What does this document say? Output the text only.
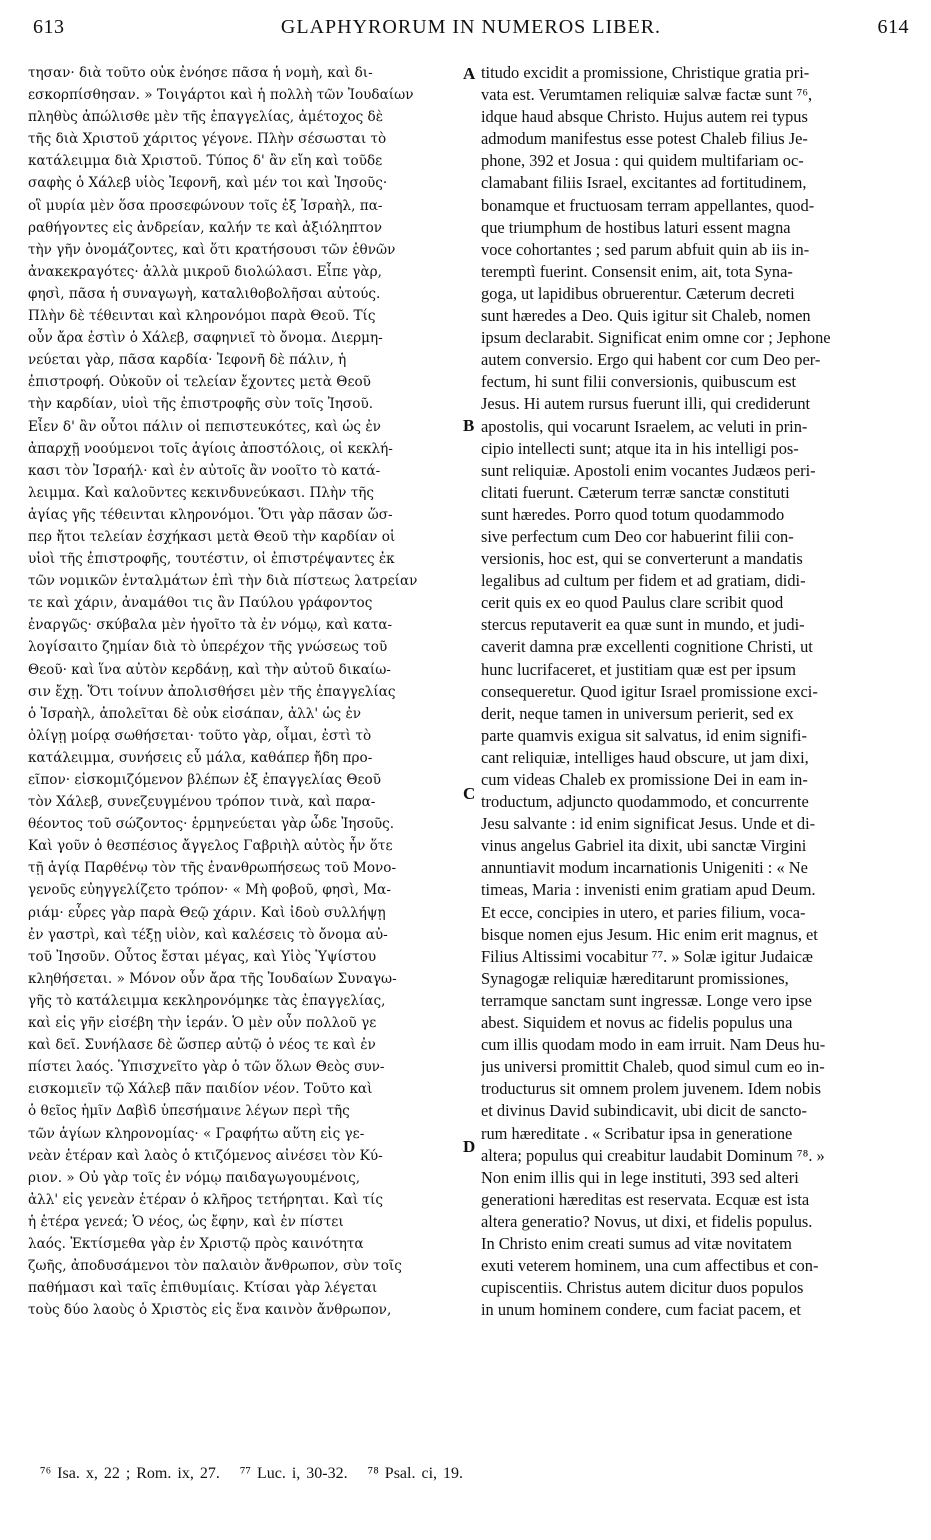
613	GLAPHYRORUM IN NUMEROS LIBER.	614
τησαν· διὰ τοῦτο οὐκ ἐνόησε πᾶσα ἡ νομὴ, καὶ δι-
εσκορπίσθησαν. » Τοιγάρτοι καὶ ἡ πολλὴ τῶν Ἰουδαίων
πληθὺς ἀπώλισθε μὲν τῆς ἐπαγγελίας, ἀμέτοχος δὲ
τῆς διὰ Χριστοῦ χάριτος γέγονε. Πλὴν σέσωσται τὸ
κατάλειμμα διὰ Χριστοῦ. Τύπος δ' ἂν εἴη καὶ τοῦδε
σαφὴς ὁ Χάλεβ υἱὸς Ἰεφονῆ, καὶ μέν τοι καὶ Ἰησοῦς·
οἳ μυρία μὲν ὅσα προσεφώνουν τοῖς ἐξ Ἰσραὴλ, πα-
ραθήγοντες εἰς ἀνδρείαν, καλήν τε καὶ ἀξιόληπτον
τὴν γῆν ὀνομάζοντες, καὶ ὅτι κρατήσουσι τῶν ἐθνῶν
ἀνακεκραγότες· ἀλλὰ μικροῦ διολώλασι. Εἶπε γὰρ,
φησὶ, πᾶσα ἡ συναγωγὴ, καταλιθοβολῆσαι αὐτούς.
Πλὴν δὲ τέθεινται καὶ κληρονόμοι παρὰ Θεοῦ. Τίς
οὖν ἄρα ἐστὶν ὁ Χάλεβ, σαφηνιεῖ τὸ ὄνομα. Διερμη-
νεύεται γὰρ, πᾶσα καρδία· Ἰεφονῆ δὲ πάλιν, ἡ
ἐπιστροφή. Οὐκοῦν οἱ τελείαν ἔχοντες μετὰ Θεοῦ
τὴν καρδίαν, υἱοὶ τῆς ἐπιστροφῆς σὺν τοῖς Ἰησοῦ.
Εἶεν δ' ἂν οὗτοι πάλιν οἱ πεπιστευκότες, καὶ ὡς ἐν
ἀπαρχῇ νοούμενοι τοῖς ἁγίοις ἀποστόλοις, οἱ κεκλή-
κασι τὸν Ἰσραήλ· καὶ ἐν αὐτοῖς ἂν νοοῖτο τὸ κατά-
λειμμα. Καὶ καλοῦντες κεκινδυνεύκασι. Πλὴν τῆς
ἁγίας γῆς τέθεινται κληρονόμοι. Ὅτι γὰρ πᾶσαν ὥσ-
περ ἤτοι τελείαν ἐσχήκασι μετὰ Θεοῦ τὴν καρδίαν οἱ
υἱοὶ τῆς ἐπιστροφῆς, τουτέστιν, οἱ ἐπιστρέψαντες ἐκ
τῶν νομικῶν ἐνταλμάτων ἐπὶ τὴν διὰ πίστεως λατρείαν
τε καὶ χάριν, ἀναμάθοι τις ἂν Παύλου γράφοντος
ἐναργῶς· σκύβαλα μὲν ἡγοῖτο τὰ ἐν νόμῳ, καὶ κατα-
λογίσαιτο ζημίαν διὰ τὸ ὑπερέχον τῆς γνώσεως τοῦ
Θεοῦ· καὶ ἵνα αὐτὸν κερδάνῃ, καὶ τὴν αὐτοῦ δικαίω-
σιν ἔχῃ. Ὅτι τοίνυν ἀπολισθήσει μὲν τῆς ἐπαγγελίας
ὁ Ἰσραὴλ, ἀπολεῖται δὲ οὐκ εἰσάπαν, ἀλλ' ὡς ἐν
ὀλίγῃ μοίρᾳ σωθήσεται· τοῦτο γὰρ, οἶμαι, ἐστὶ τὸ
κατάλειμμα, συνήσεις εὖ μάλα, καθάπερ ἤδη προ-
εῖπον· εἰσκομιζόμενον βλέπων ἐξ ἐπαγγελίας Θεοῦ
τὸν Χάλεβ, συνεζευγμένου τρόπον τινὰ, καὶ παρα-
θέοντος τοῦ σώζοντος· ἑρμηνεύεται γὰρ ὧδε Ἰησοῦς.
Καὶ γοῦν ὁ θεσπέσιος ἄγγελος Γαβριὴλ αὐτὸς ἦν ὅτε
τῇ ἁγίᾳ Παρθένῳ τὸν τῆς ἐνανθρωπήσεως τοῦ Μονο-
γενοῦς εὐηγγελίζετο τρόπον· « Μὴ φοβοῦ, φησὶ, Μα-
ριάμ· εὗρες γὰρ παρὰ Θεῷ χάριν. Καὶ ἰδοὺ συλλήψῃ
ἐν γαστρὶ, καὶ τέξῃ υἱὸν, καὶ καλέσεις τὸ ὄνομα αὐ-
τοῦ Ἰησοῦν. Οὗτος ἔσται μέγας, καὶ Υἱὸς Ὑψίστου
κληθήσεται. » Μόνον οὖν ἄρα τῆς Ἰουδαίων Συναγω-
γῆς τὸ κατάλειμμα κεκληρονόμηκε τὰς ἐπαγγελίας,
καὶ εἰς γῆν εἰσέβη τὴν ἱεράν. Ὁ μὲν οὖν πολλοῦ γε
καὶ δεῖ. Συνήλασε δὲ ὥσπερ αὐτῷ ὁ νέος τε καὶ ἐν
πίστει λαός. Ὑπισχνεῖτο γὰρ ὁ τῶν ὅλων Θεὸς συν-
εισκομιεῖν τῷ Χάλεβ πᾶν παιδίον νέον. Τοῦτο καὶ
ὁ θεῖος ἡμῖν Δαβὶδ ὑπεσήμαινε λέγων περὶ τῆς
τῶν ἁγίων κληρονομίας· « Γραφήτω αὕτη εἰς γε-
νεὰν ἑτέραν καὶ λαὸς ὁ κτιζόμενος αἰνέσει τὸν Κύ-
ριον. » Οὐ γὰρ τοῖς ἐν νόμῳ παιδαγωγουμένοις,
ἀλλ' εἰς γενεὰν ἑτέραν ὁ κλῆρος τετήρηται. Καὶ τίς
ἡ ἑτέρα γενεά; Ὁ νέος, ὡς ἔφην, καὶ ἐν πίστει
λαός. Ἐκτίσμεθα γὰρ ἐν Χριστῷ πρὸς καινότητα
ζωῆς, ἀποδυσάμενοι τὸν παλαιὸν ἄνθρωπον, σὺν τοῖς
παθήμασι καὶ ταῖς ἐπιθυμίαις. Κτίσαι γὰρ λέγεται
τοὺς δύο λαοὺς ὁ Χριστὸς εἰς ἕνα καινὸν ἄνθρωπον,
A
B
C
D
titudo excidit a promissione, Christique gratia pri-
vata est. Verumtamen reliquiæ salvæ factæ sunt ⁷⁶,
idque haud absque Christo. Hujus autem rei typus
admodum manifestus esse potest Chaleb filius Je-
phone, 392 et Josua : qui quidem multifariam oc-
clamabant filiis Israel, excitantes ad fortitudinem,
bonamque et fructuosam terram appellantes, quod-
que triumphum de hostibus laturi essent magna
voce cohortantes ; sed parum abfuit quin ab iis in-
teremptì fuerint. Consensit enim, ait, tota Syna-
goga, ut lapidibus obruerentur. Cæterum decreti
sunt hæredes a Deo. Quis igitur sit Chaleb, nomen
ipsum declarabit. Significat enim omne cor ; Jephone
autem conversio. Ergo qui habent cor cum Deo per-
fectum, hi sunt filii conversionis, quibuscum est
Jesus. Hi autem rursus fuerunt illi, qui crediderunt
apostolis, qui vocarunt Israelem, ac veluti in prin-
cipio intellecti sunt; atque ita in his intelligi pos-
sunt reliquiæ. Apostoli enim vocantes Judæos peri-
clitati fuerunt. Cæterum terræ sanctæ constituti
sunt hæredes. Porro quod totum quodammodo
sive perfectum cum Deo cor habuerint filii con-
versionis, hoc est, qui se converterunt a mandatis
legalibus ad cultum per fidem et ad gratiam, didi-
cerit quis ex eo quod Paulus clare scribit quod
stercus reputaverit ea quæ sunt in mundo, et judi-
caverit damna præ excellenti cognitione Christi, ut
hunc lucrifaceret, et justitiam quæ est per ipsum
consequeretur. Quod igitur Israel promissione exci-
derit, neque tamen in universum perierit, sed ex
parte quamvis exigua sit salvatus, id enim signifi-
cant reliquiæ, intelliges haud obscure, ut jam dixi,
cum videas Chaleb ex promissione Dei in eam in-
troductum, adjuncto quodammodo, et concurrente
Jesu salvante : id enim significat Jesus. Unde et di-
vinus angelus Gabriel ita dixit, ubi sanctæ Virgini
annuntiavit modum incarnationis Unigeniti : « Ne
timeas, Maria : invenisti enim gratiam apud Deum.
Et ecce, concipies in utero, et paries filium, voca-
bisque nomen ejus Jesum. Hic enim erit magnus, et
Filius Altissimi vocabitur ⁷⁷. » Solæ igitur Judaicæ
Synagogæ reliquiæ hæreditarunt promissiones,
terramque sanctam sunt ingressæ. Longe vero ipse
abest. Siquidem et novus ac fidelis populus una
cum illis quodam modo in eam irruit. Nam Deus hu-
jus universi promittit Chaleb, quod simul cum eo in-
troducturus sit omnem prolem juvenem. Idem nobis
et divinus David subindicavit, ubi dicit de sancto-
rum hæreditate . « Scribatur ipsa in generatione
altera; populus qui creabitur laudabit Dominum ⁷⁸. »
Non enim illis qui in lege instituti, 393 sed alteri
generationi hæreditas est reservata. Ecquæ est ista
altera generatio? Novus, ut dixi, et fidelis populus.
In Christo enim creati sumus ad vitæ novitatem
exuti veterem hominem, una cum affectibus et con-
cupiscentiis. Christus autem dicitur duos populos
in unum hominem condere, cum faciat pacem, et
⁷⁶ Isa. x, 22 ; Rom. ix, 27. ⁷⁷ Luc. i, 30-32. ⁷⁸ Psal. ci, 19.
